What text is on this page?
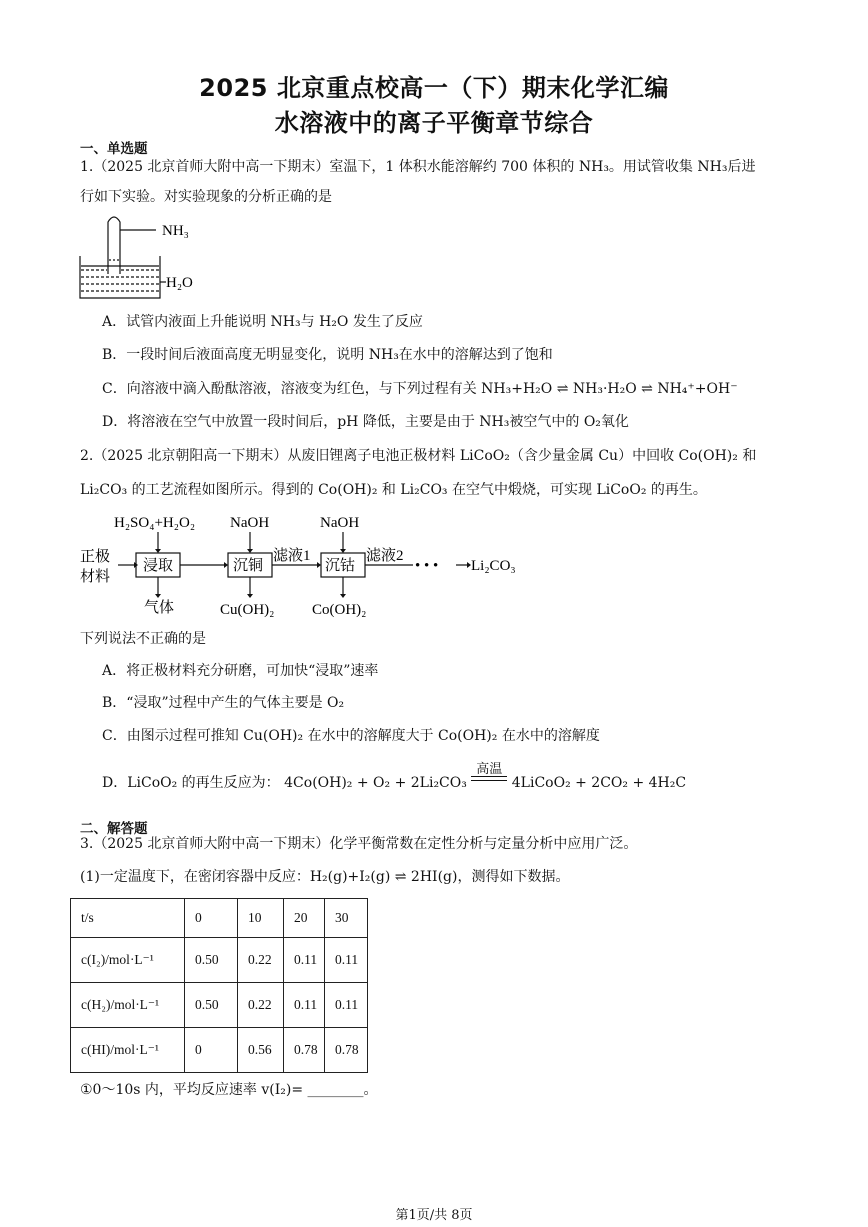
2025 北京重点校高一（下）期末化学汇编
水溶液中的离子平衡章节综合
一、单选题
1.（2025 北京首师大附中高一下期末）室温下，1 体积水能溶解约 700 体积的 NH₃。用试管收集 NH₃后进
行如下实验。对实验现象的分析正确的是
NH₃
H₂O
A．试管内液面上升能说明 NH₃与 H₂O 发生了反应
B．一段时间后液面高度无明显变化，说明 NH₃在水中的溶解达到了饱和
C．向溶液中滴入酚酞溶液，溶液变为红色，与下列过程有关 NH₃+H₂O ⇌ NH₃·H₂O ⇌ NH₄⁺+OH⁻
D．将溶液在空气中放置一段时间后，pH 降低，主要是由于 NH₃被空气中的 O₂氧化
2.（2025 北京朝阳高一下期末）从废旧锂离子电池正极材料 LiCoO₂（含少量金属 Cu）中回收 Co(OH)₂ 和
Li₂CO₃ 的工艺流程如图所示。得到的 Co(OH)₂ 和 Li₂CO₃ 在空气中煅烧，可实现 LiCoO₂ 的再生。
H₂SO₄+H₂O₂ NaOH	NaOH
正极
材料
浸取	沉铜	沉钴
滤液1	滤液2
• • • Li₂CO₃
气体	Cu(OH)₂	Co(OH)₂
下列说法不正确的是
A．将正极材料充分研磨，可加快“浸取”速率
B．“浸取”过程中产生的气体主要是 O₂
C．由图示过程可推知 Cu(OH)₂ 在水中的溶解度大于 Co(OH)₂ 在水中的溶解度
D．LiCoO₂ 的再生反应为： 4Co(OH)₂ + O₂ + 2Li₂CO₃
高温
4LiCoO₂ + 2CO₂ + 4H₂C
二、解答题
3.（2025 北京首师大附中高一下期末）化学平衡常数在定性分析与定量分析中应用广泛。
(1)一定温度下，在密闭容器中反应：H₂(g)+I₂(g) ⇌ 2HI(g)，测得如下数据。
t/s	0	10	20	30
c(I₂)/mol·L⁻¹	0.50	0.22	0.11	0.11
c(H₂)/mol·L⁻¹	0.50	0.22	0.11	0.11
c(HI)/mol·L⁻¹	0	0.56	0.78	0.78
①0～10s 内，平均反应速率 v(I₂)= ________。
第1页/共 8页
